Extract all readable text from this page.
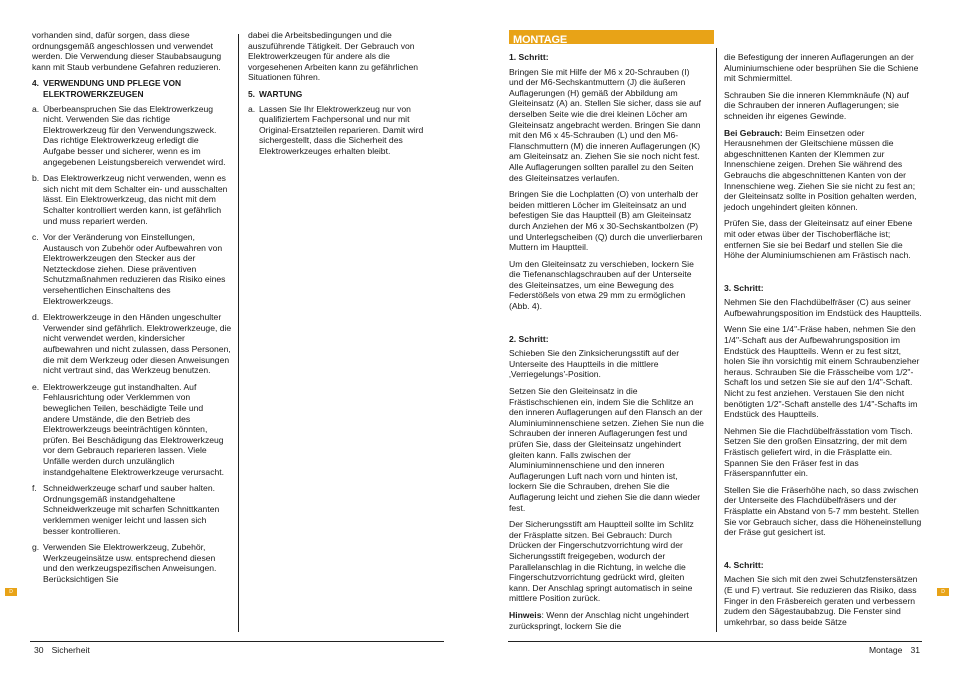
vorhanden sind, dafür sorgen, dass diese ordnungsgemäß angeschlossen und verwendet werden. Die Verwendung dieser Staubabsaugung kann mit Staub verbundene Gefahren reduzieren.

4. VERWENDUNG UND PFLEGE VON ELEKTROWERKZEUGEN
a. Überbeanspruchen Sie das Elektrowerkzeug nicht. Verwenden Sie das richtige Elektrowerkzeug für den Verwendungszweck. Das richtige Elektrowerkzeug erledigt die Aufgabe besser und sicherer, wenn es im angegebenen Leistungsbereich verwendet wird.
b. Das Elektrowerkzeug nicht verwenden, wenn es sich nicht mit dem Schalter ein- und ausschalten lässt. Ein Elektrowerkzeug, das nicht mit dem Schalter kontrolliert werden kann, ist gefährlich und muss repariert werden.
c. Vor der Veränderung von Einstellungen, Austausch von Zubehör oder Aufbewahren von Elektrowerkzeugen den Stecker aus der Netzteckdose ziehen. Diese präventiven Schutzmaßnahmen reduzieren das Risiko eines versehentlichen Einschaltens des Elektrowerkzeugs.
d. Elektrowerkzeuge in den Händen ungeschulter Verwender sind gefährlich. Elektrowerkzeuge, die nicht verwendet werden, kindersicher aufbewahren und nicht zulassen, dass Personen, die mit dem Werkzeug oder diesen Anweisungen nicht vertraut sind, das Werkzeug benutzen.
e. Elektrowerkzeuge gut instandhalten. Auf Fehlausrichtung oder Verklemmen von beweglichen Teilen, beschädigte Teile und andere Umstände, die den Betrieb des Elektrowerkzeugs beeinträchtigen könnten, prüfen. Bei Beschädigung das Elektrowerkzeug vor dem Gebrauch reparieren lassen. Viele Unfälle werden durch unzulänglich instandgehaltene Elektrowerkzeuge verursacht.
f. Schneidwerkzeuge scharf und sauber halten. Ordnungsgemäß instandgehaltene Schneidwerkzeuge mit scharfen Schnittkanten verklemmen weniger leicht und lassen sich besser kontrollieren.
g. Verwenden Sie Elektrowerkzeug, Zubehör, Werkzeugeinsätze usw. entsprechend diesen und den werkzeugspezifischen Anweisungen. Berücksichtigen Sie

dabei die Arbeitsbedingungen und die auszuführende Tätigkeit. Der Gebrauch von Elektrowerkzeugen für andere als die vorgesehenen Arbeiten kann zu gefährlichen Situationen führen.

5. WARTUNG
a. Lassen Sie Ihr Elektrowerkzeug nur von qualifiziertem Fachpersonal und nur mit Original-Ersatzteilen reparieren. Damit wird sichergestellt, dass die Sicherheit des Elektrowerkzeuges erhalten bleibt.
D
30 Sicherheit
MONTAGE
1. Schritt:

Bringen Sie mit Hilfe der M6 x 20-Schrauben (I) und der M6-Sechskantmuttern (J) die äußeren Auflagerungen (H) gemäß der Abbildung am Gleiteinsatz (A) an. Stellen Sie sicher, dass sie auf derselben Seite wie die drei kleinen Löcher am Gleiteinsatz angebracht werden. Bringen Sie dann mit den M6 x 45-Schrauben (L) und den M6-Flanschmuttern (M) die inneren Auflagerungen (K) am Gleiteinsatz an. Ziehen Sie sie noch nicht fest. Alle Auflagerungen sollten parallel zu den Seiten des Gleiteinsatzes verlaufen.

Bringen Sie die Lochplatten (O) von unterhalb der beiden mittleren Löcher im Gleiteinsatz an und befestigen Sie das Hauptteil (B) am Gleiteinsatz durch Anziehen der M6 x 30-Sechskantbolzen (P) und Unterlegscheiben (Q) durch die unverlierbaren Muttern im Hauptteil.

Um den Gleiteinsatz zu verschieben, lockern Sie die Tiefenanschlagschrauben auf der Unterseite des Gleiteinsatzes, um eine Bewegung des Federstößels von etwa 29 mm zu ermöglichen (Abb. 4).

2. Schritt:

Schieben Sie den Zinksicherungsstift auf der Unterseite des Hauptteils in die mittlere ‚Verriegelungs'-Position.

Setzen Sie den Gleiteinsatz in die Frästischschienen ein, indem Sie die Schlitze an den inneren Auflagerungen auf den Flansch an der Aluminiuminnenschiene setzen. Ziehen Sie nun die Schrauben der inneren Auflagerungen fest und prüfen Sie, dass der Gleiteinsatz ungehindert gleiten kann. Falls zwischen der Aluminiuminnenschiene und den inneren Auflagerungen Luft nach vorn und hinten ist, lockern Sie die Schrauben, drehen Sie die Auflagerung leicht und ziehen Sie die dann wieder fest.

Der Sicherungsstift am Hauptteil sollte im Schlitz der Fräsplatte sitzen. Bei Gebrauch: Durch Drücken der Fingerschutzvorrichtung wird der Sicherungsstift freigegeben, wodurch der Parallelanschlag in die Richtung, in welche die Fingerschutzvorrichtung gedrückt wird, gleiten kann. Der Anschlag springt automatisch in seine mittlere Position zurück.

Hinweis: Wenn der Anschlag nicht ungehindert zurückspringt, lockern Sie die

die Befestigung der inneren Auflagerungen an der Aluminiumschiene oder besprühen Sie die Schiene mit Schmiermittel.

Schrauben Sie die inneren Klemmknäufe (N) auf die Schrauben der inneren Auflagerungen; sie schneiden ihr eigenes Gewinde.

Bei Gebrauch: Beim Einsetzen oder Herausnehmen der Gleitschiene müssen die abgeschnittenen Kanten der Klemmen zur Innenschiene zeigen. Drehen Sie während des Gebrauchs die abgeschnittenen Kanten von der Innenschiene weg. Ziehen Sie sie nicht zu fest an; der Gleiteinsatz sollte in Position gehalten werden, jedoch ungehindert gleiten können.

Prüfen Sie, dass der Gleiteinsatz auf einer Ebene mit oder etwas über der Tischoberfläche ist; entfernen Sie sie bei Bedarf und stellen Sie die Höhe der Aluminiumschienen am Frästisch nach.

3. Schritt:

Nehmen Sie den Flachdübelfräser (C) aus seiner Aufbewahrungsposition im Endstück des Hauptteils.

Wenn Sie eine 1/4"-Fräse haben, nehmen Sie den 1/4"-Schaft aus der Aufbewahrungsposition im Endstück des Hauptteils. Wenn er zu fest sitzt, holen Sie ihn vorsichtig mit einem Schraubenzieher heraus. Schrauben Sie die Frässcheibe vom 1/2"-Schaft los und setzen Sie sie auf den 1/4"-Schaft. Nicht zu fest anziehen. Verstauen Sie den nicht benötigten 1/2"-Schaft anstelle des 1/4"-Schafts im Endstück des Hauptteils.

Nehmen Sie die Flachdübelfrässtation vom Tisch. Setzen Sie den großen Einsatzring, der mit dem Frästisch geliefert wird, in die Fräsplatte ein. Spannen Sie den Fräser fest in das Fräserspannfutter ein.

Stellen Sie die Fräserhöhe nach, so dass zwischen der Unterseite des Flachdübelfräsers und der Fräsplatte ein Abstand von 5-7 mm besteht. Stellen Sie vor Gebrauch sicher, dass die Höheneinstellung der Fräse gut gesichert ist.

4. Schritt:

Machen Sie sich mit den zwei Schutzfenstersätzen (E und F) vertraut. Sie reduzieren das Risiko, dass Finger in den Fräsbereich geraten und verbessern zudem den Sägestaubabzug. Die Fenster sind umkehrbar, so dass beide Sätze

D
Montage 31
